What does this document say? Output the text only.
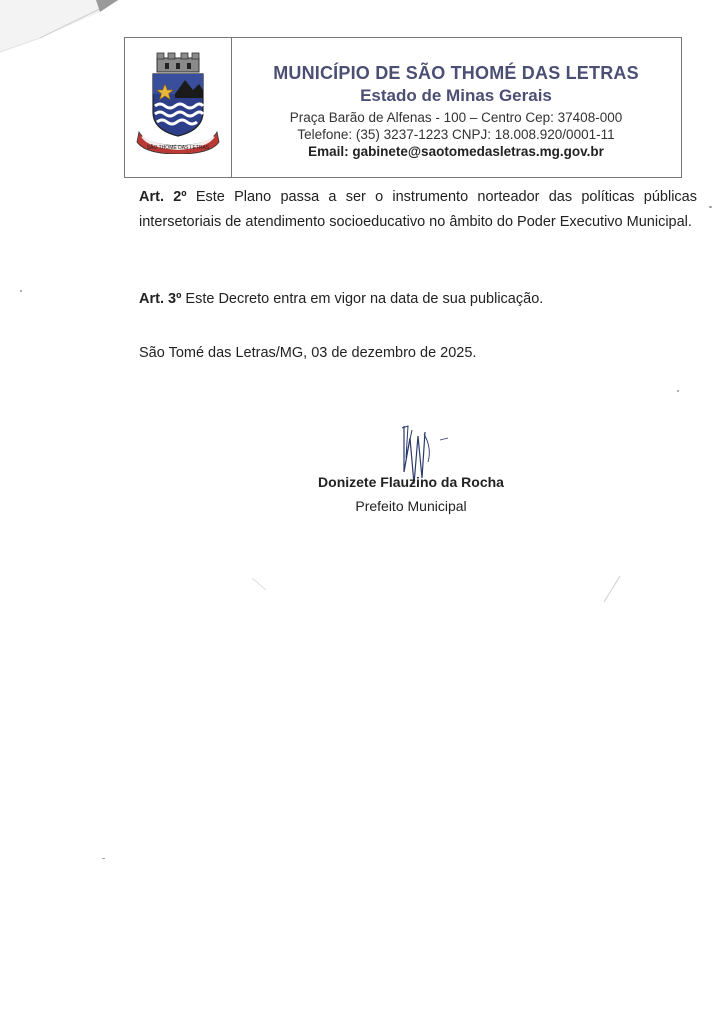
SÃO THOMÉ DAS LETRAS
MUNICÍPIO DE SÃO THOMÉ DAS LETRAS
Estado de Minas Gerais
Praça Barão de Alfenas - 100 – Centro Cep: 37408-000
Telefone: (35) 3237-1223 CNPJ: 18.008.920/0001-11
Email: gabinete@saotomedasletras.mg.gov.br
Art. 2º Este Plano passa a ser o instrumento norteador das políticas públicas intersetoriais de atendimento socioeducativo no âmbito do Poder Executivo Municipal.
Art. 3º Este Decreto entra em vigor na data de sua publicação.
São Tomé das Letras/MG, 03 de dezembro de 2025.
Donizete Flauzino da Rocha
Prefeito Municipal
